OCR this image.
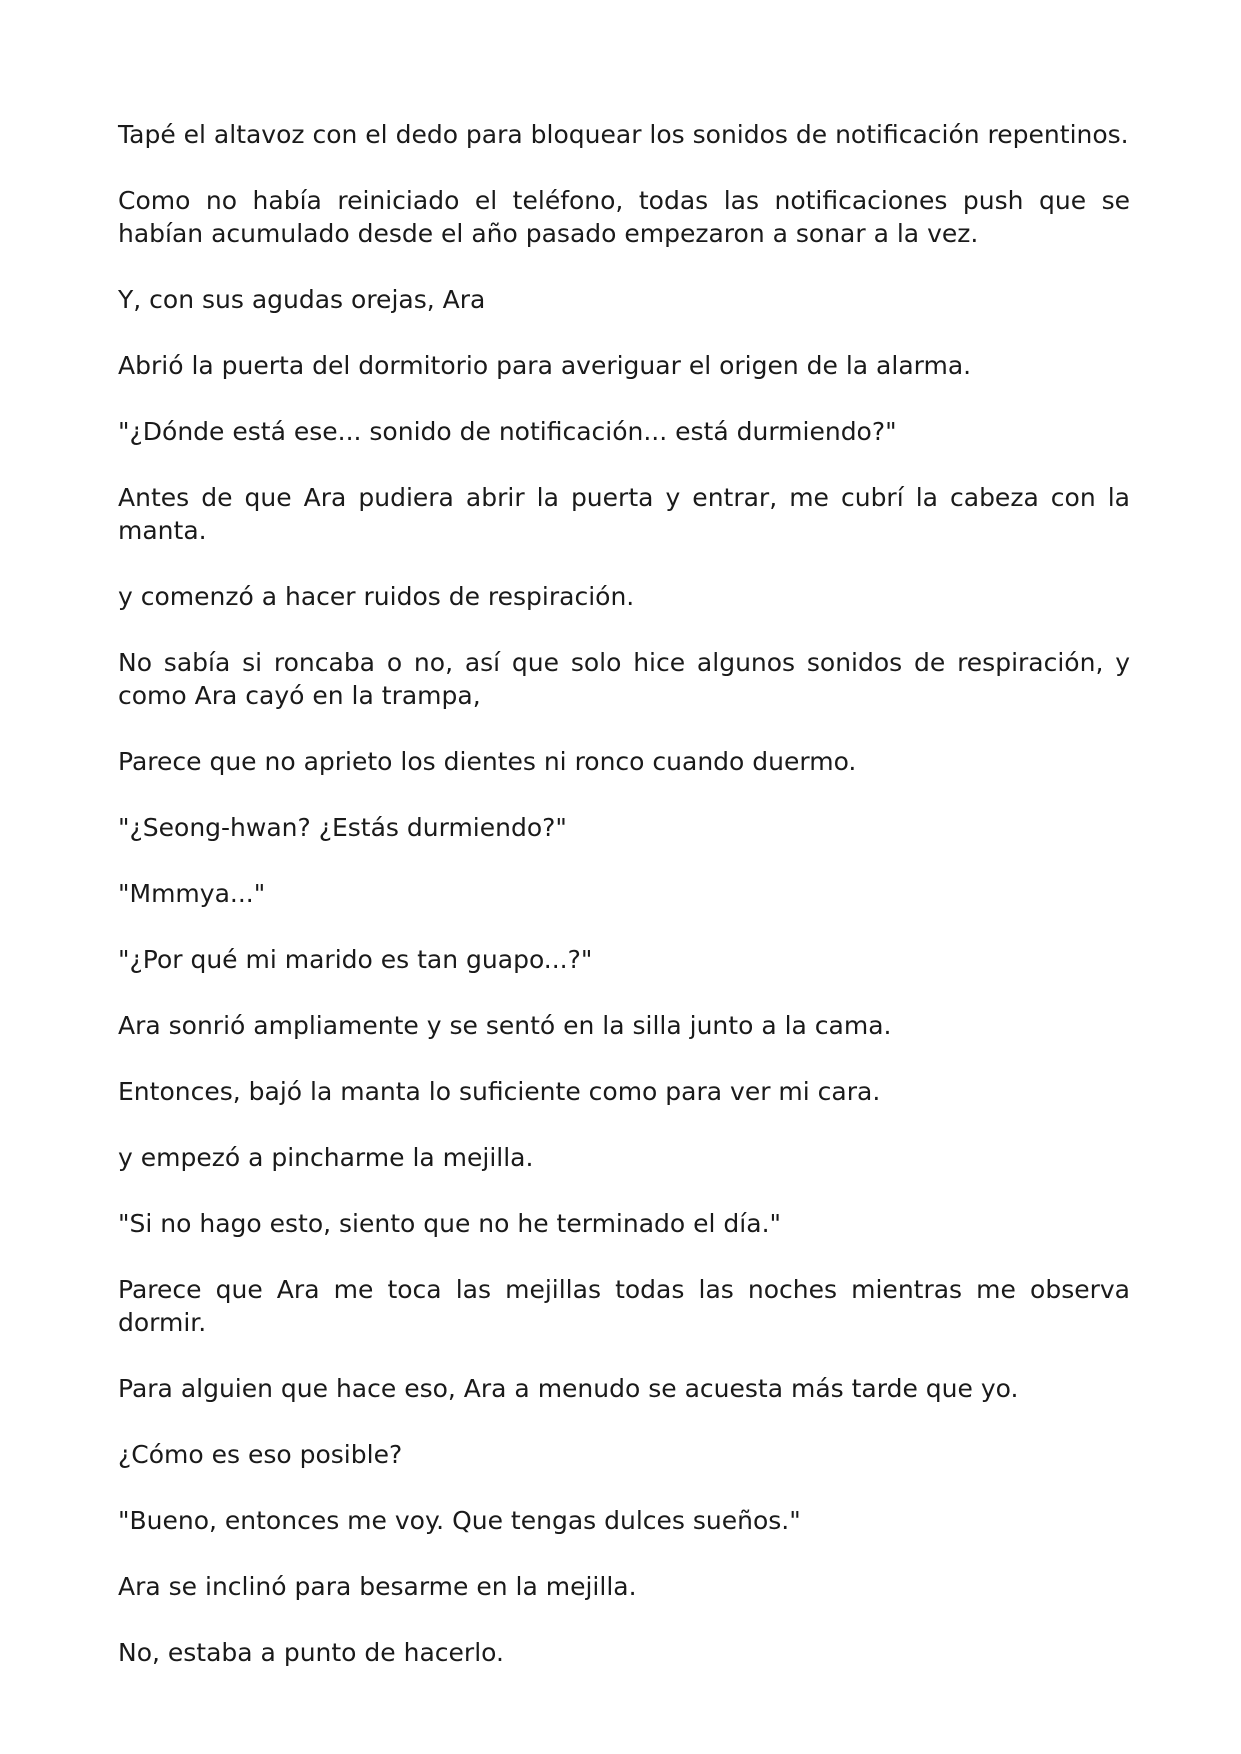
Tapé el altavoz con el dedo para bloquear los sonidos de notificación repentinos.

Como no había reiniciado el teléfono, todas las notificaciones push que se habían acumulado desde el año pasado empezaron a sonar a la vez.

Y, con sus agudas orejas, Ara

Abrió la puerta del dormitorio para averiguar el origen de la alarma.

"¿Dónde está ese... sonido de notificación... está durmiendo?"

Antes de que Ara pudiera abrir la puerta y entrar, me cubrí la cabeza con la manta.

y comenzó a hacer ruidos de respiración.

No sabía si roncaba o no, así que solo hice algunos sonidos de respiración, y como Ara cayó en la trampa,

Parece que no aprieto los dientes ni ronco cuando duermo.

"¿Seong-hwan? ¿Estás durmiendo?"

"Mmmya..."

"¿Por qué mi marido es tan guapo...?"

Ara sonrió ampliamente y se sentó en la silla junto a la cama.

Entonces, bajó la manta lo suficiente como para ver mi cara.

y empezó a pincharme la mejilla.

"Si no hago esto, siento que no he terminado el día."

Parece que Ara me toca las mejillas todas las noches mientras me observa dormir.

Para alguien que hace eso, Ara a menudo se acuesta más tarde que yo.

¿Cómo es eso posible?

"Bueno, entonces me voy. Que tengas dulces sueños."

Ara se inclinó para besarme en la mejilla.

No, estaba a punto de hacerlo.
